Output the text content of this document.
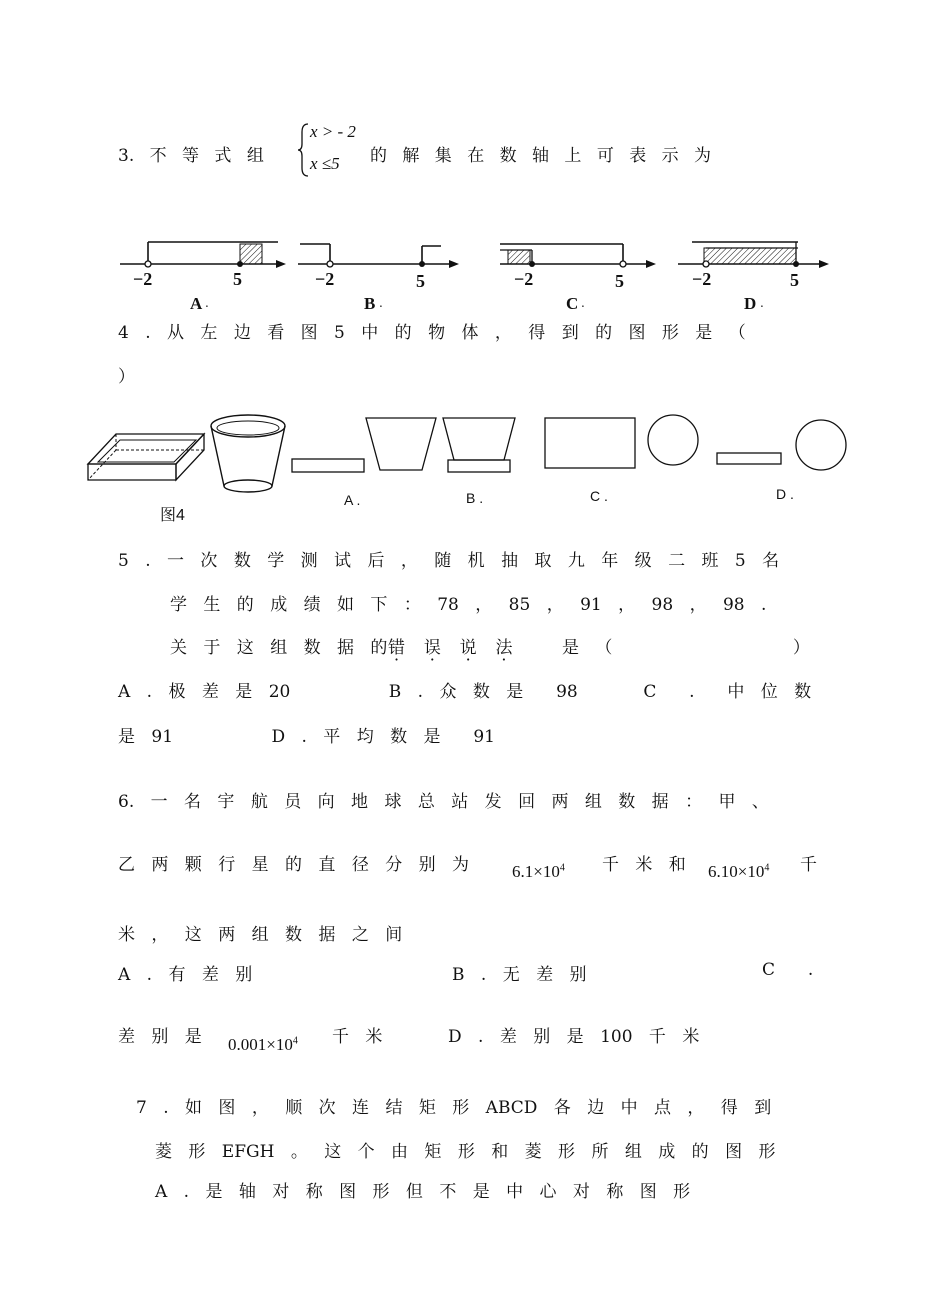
3. 不 等 式 组
x > - 2
x ≤5 的 解 集 在 数 轴 上 可 表 示 为
−2	5
A .
−2	5
B .
−2	5
C .
−2	5
D .
4 . 从 左 边 看 图 5 中 的 物 体 ， 得 到 的 图 形 是 （
）
图4
A .	B .	C .	D .
5 . 一 次 数 学 测 试 后 ， 随 机 抽 取 九 年 级 二 班 5 名
学 生 的 成 绩 如 下 ： 78 ， 85 ， 91 ， 98 ， 98 .
关 于 这 组 数 据 的 错 误 说 法	是 （           ）
A . 极 差 是 20      B . 众 数 是  98    C  .  中 位 数
是 91      D . 平 均 数 是  91
6. 一 名 宇 航 员 向 地 球 总 站 发 回 两 组 数 据 ： 甲 、
乙 两 颗 行 星 的 直 径 分 别 为	$6.1\times 10^4$ 千 米 和 $6.10\times 10^4$ 千
米 ， 这 两 组 数 据 之 间
A . 有 差 别	B . 无 差 别	C  .
差 别 是 $0.001\times 10^4$ 千 米    D . 差 别 是 100 千 米
7 . 如 图 ， 顺 次 连 结 矩 形 ABCD 各 边 中 点 ， 得 到
菱 形 EFGH 。 这 个 由 矩 形 和 菱 形 所 组 成 的 图 形
A . 是 轴 对 称 图 形 但 不 是 中 心 对 称 图 形
